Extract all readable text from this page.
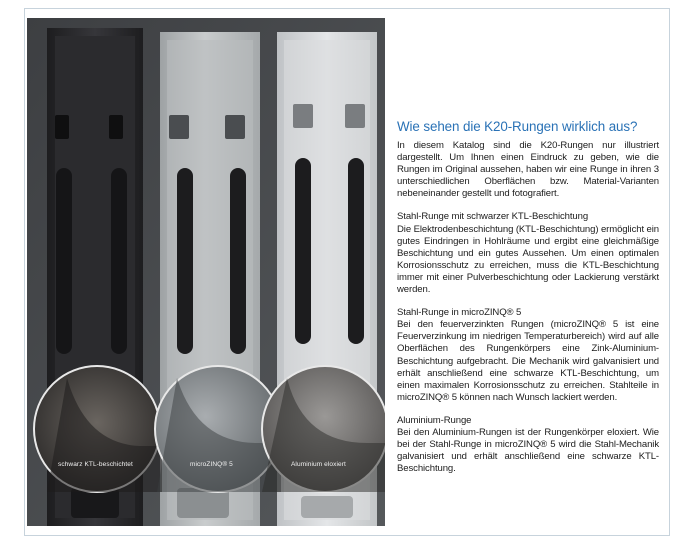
schwarz KTL-beschichtet	microZINQ® 5	Aluminium eloxiert
Wie sehen die K20-Rungen wirklich aus?

In diesem Katalog sind die K20-Rungen nur illustriert dargestellt. Um Ihnen einen Eindruck zu geben, wie die Rungen im Original aussehen, haben wir eine Runge in ihren 3 unterschiedlichen Oberflächen bzw. Material-Varianten nebeneinander gestellt und fotografiert.

Stahl-Runge mit schwarzer KTL-Beschichtung
Die Elektrodenbeschichtung (KTL-Beschichtung) ermöglicht ein gutes Eindringen in Hohlräume und ergibt eine gleichmäßige Beschichtung und ein gutes Aussehen. Um einen optimalen Korrosionsschutz zu erreichen, muss die KTL-Beschichtung immer mit einer Pulverbeschichtung oder Lackierung verstärkt werden.
Stahl-Runge in microZINQ® 5
Bei den feuerverzinkten Rungen (microZINQ® 5 ist eine Feuerverzinkung im niedrigen Temperaturbereich) wird auf alle Oberflächen des Rungenkörpers eine Zink-Aluminium-Beschichtung aufgebracht. Die Mechanik wird galvanisiert und erhält anschließend eine schwarze KTL-Beschichtung, um einen maximalen Korrosionsschutz zu erreichen. Stahlteile in microZINQ® 5 können nach Wunsch lackiert werden.
Aluminium-Runge
Bei den Aluminium-Rungen ist der Rungenkörper eloxiert. Wie bei der Stahl-Runge in microZINQ® 5 wird die Stahl-Mechanik galvanisiert und erhält anschließend eine schwarze KTL-Beschichtung.
